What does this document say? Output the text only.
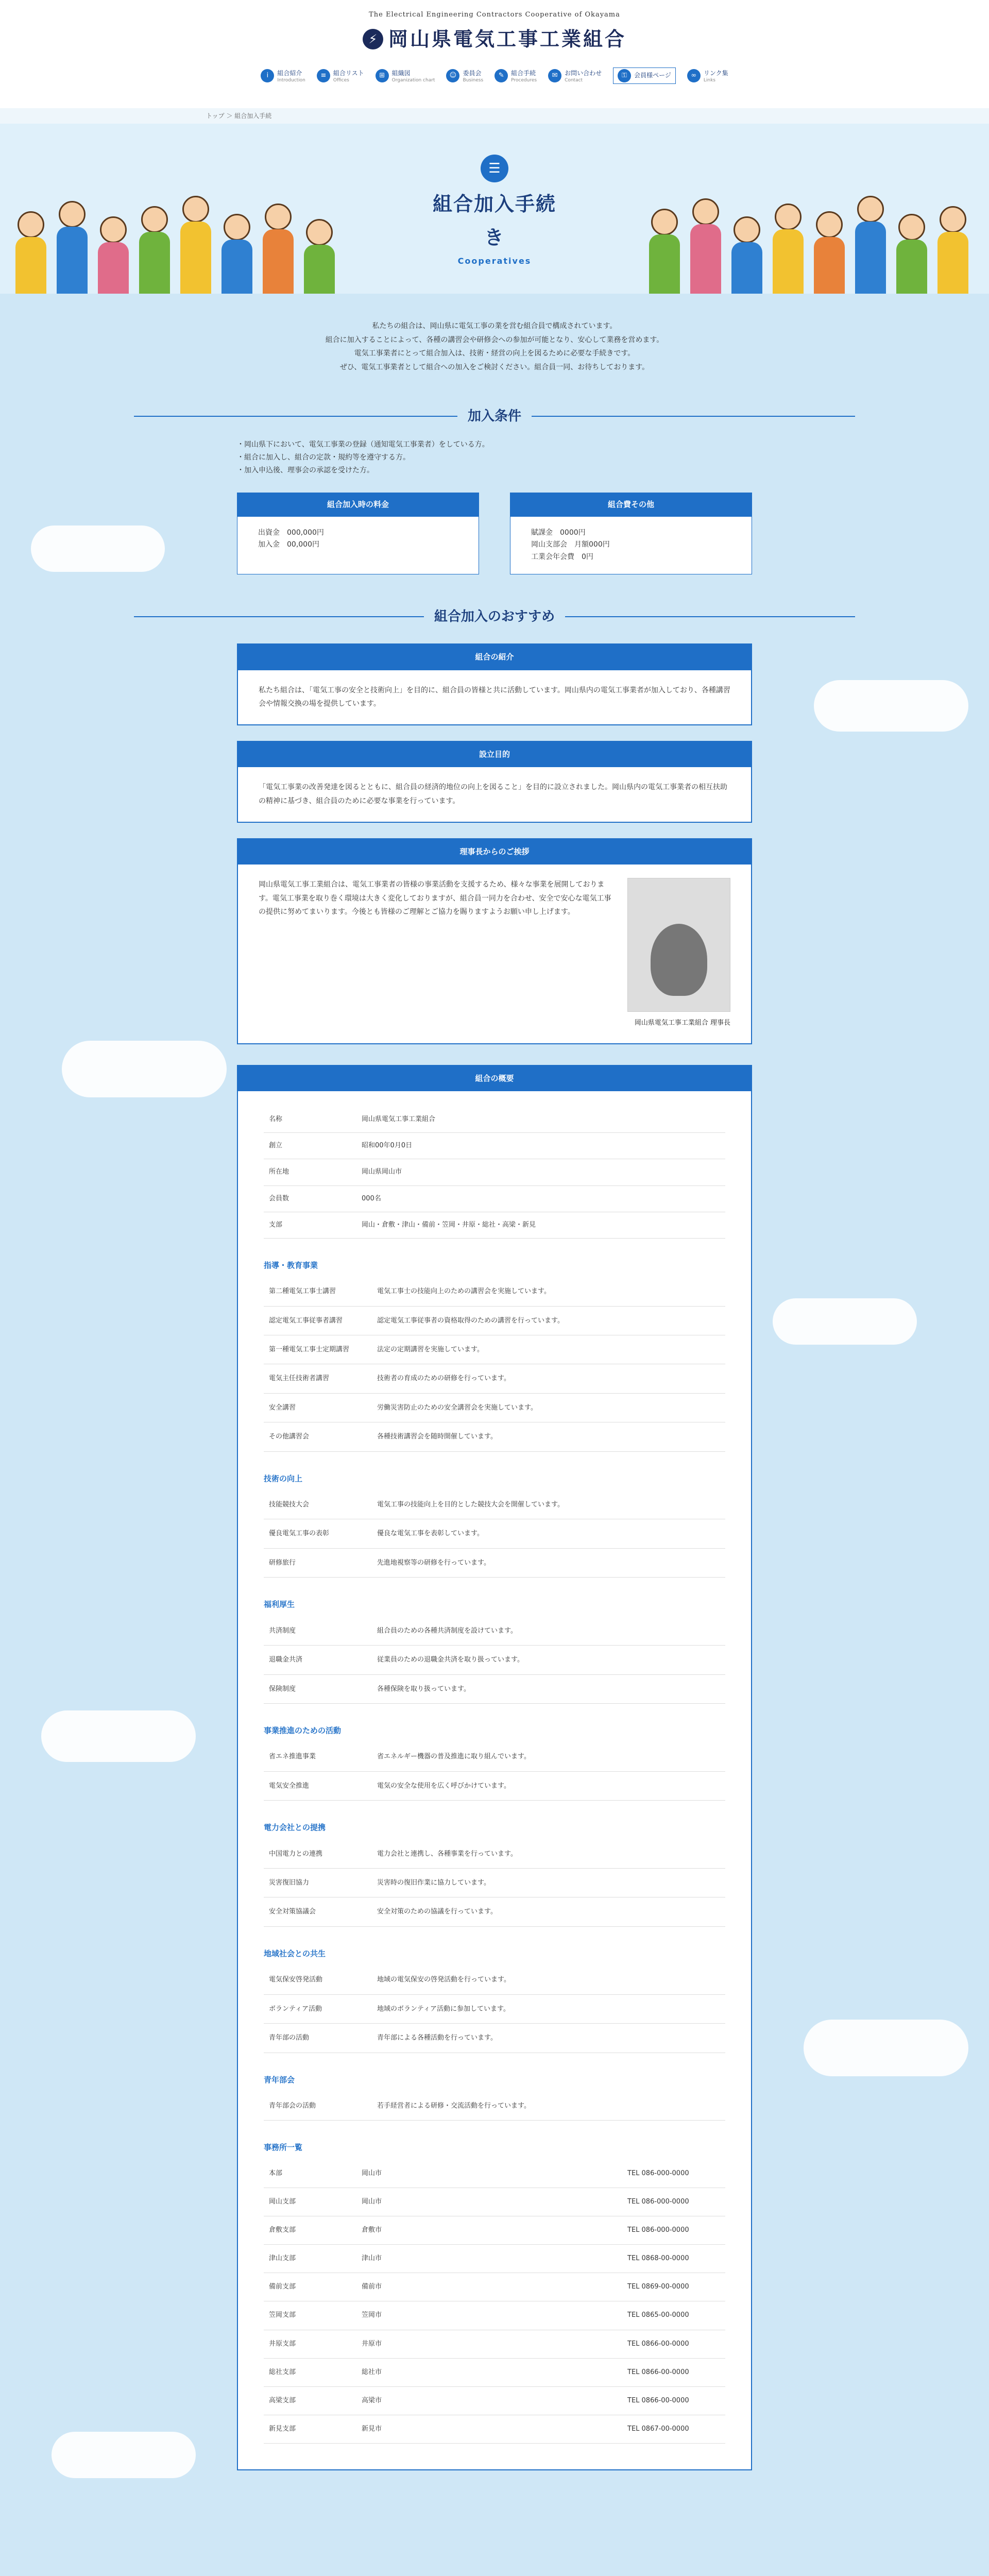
The Electrical Engineering Contractors Cooperative of Okayama
⚡ 岡山県電気工事工業組合
i	組合紹介
Introduction
≡	組合リスト
Offices
⊞	組織図
Organization chart
☺	委員会
Business
✎	組合手続
Procedures
✉	お問い合わせ
Contact
⚿	会員様ページ	∞	リンク集
Links
トップ ＞ 組合加入手続
☰
組合加入手続き
Cooperatives

私たちの組合は、岡山県に電気工事の業を営む組合員で構成されています。

組合に加入することによって、各種の講習会や研修会への参加が可能となり、安心して業務を営めます。

電気工事業者にとって組合加入は、技術・経営の向上を図るために必要な手続きです。

ぜひ、電気工事業者として組合への加入をご検討ください。組合員一同、お待ちしております。

加入条件

・岡山県下において、電気工事業の登録（通知電気工事業者）をしている方。

・組合に加入し、組合の定款・規約等を遵守する方。

・加入申込後、理事会の承認を受けた方。

組合加入時の料金

出資金　000,000円

加入金　00,000円

組合費その他

賦課金　0000円

岡山支部会　月額000円

工業会年会費　0円

組合加入のおすすめ
組合の紹介
私たち組合は、「電気工事の安全と技術向上」を目的に、組合員の皆様と共に活動しています。岡山県内の電気工事業者が加入しており、各種講習会や情報交換の場を提供しています。
設立目的
「電気工事業の改善発達を図るとともに、組合員の経済的地位の向上を図ること」を目的に設立されました。岡山県内の電気工事業者の相互扶助の精神に基づき、組合員のために必要な事業を行っています。
理事長からのご挨拶
岡山県電気工事工業組合は、電気工事業者の皆様の事業活動を支援するため、様々な事業を展開しております。電気工事業を取り巻く環境は大きく変化しておりますが、組合員一同力を合わせ、安全で安心な電気工事の提供に努めてまいります。今後とも皆様のご理解とご協力を賜りますようお願い申し上げます。
岡山県電気工事工業組合 理事長
組合の概要
名称	岡山県電気工事工業組合
創立	昭和00年0月0日
所在地	岡山県岡山市
会員数	000名
支部	岡山・倉敷・津山・備前・笠岡・井原・総社・高梁・新見
指導・教育事業
第二種電気工事士講習	電気工事士の技能向上のための講習会を実施しています。
認定電気工事従事者講習	認定電気工事従事者の資格取得のための講習を行っています。
第一種電気工事士定期講習	法定の定期講習を実施しています。
電気主任技術者講習	技術者の育成のための研修を行っています。
安全講習	労働災害防止のための安全講習会を実施しています。
その他講習会	各種技術講習会を随時開催しています。
技術の向上
技能競技大会	電気工事の技能向上を目的とした競技大会を開催しています。
優良電気工事の表彰	優良な電気工事を表彰しています。
研修旅行	先進地視察等の研修を行っています。
福利厚生
共済制度	組合員のための各種共済制度を設けています。
退職金共済	従業員のための退職金共済を取り扱っています。
保険制度	各種保険を取り扱っています。
事業推進のための活動
省エネ推進事業	省エネルギー機器の普及推進に取り組んでいます。
電気安全推進	電気の安全な使用を広く呼びかけています。
電力会社との提携
中国電力との連携	電力会社と連携し、各種事業を行っています。
災害復旧協力	災害時の復旧作業に協力しています。
安全対策協議会	安全対策のための協議を行っています。
地域社会との共生
電気保安啓発活動	地域の電気保安の啓発活動を行っています。
ボランティア活動	地域のボランティア活動に参加しています。
青年部の活動	青年部による各種活動を行っています。
青年部会
青年部会の活動	若手経営者による研修・交流活動を行っています。
事務所一覧
本部	岡山市	TEL 086-000-0000
岡山支部	岡山市	TEL 086-000-0000
倉敷支部	倉敷市	TEL 086-000-0000
津山支部	津山市	TEL 0868-00-0000
備前支部	備前市	TEL 0869-00-0000
笠岡支部	笠岡市	TEL 0865-00-0000
井原支部	井原市	TEL 0866-00-0000
総社支部	総社市	TEL 0866-00-0000
高梁支部	高梁市	TEL 0866-00-0000
新見支部	新見市	TEL 0867-00-0000
